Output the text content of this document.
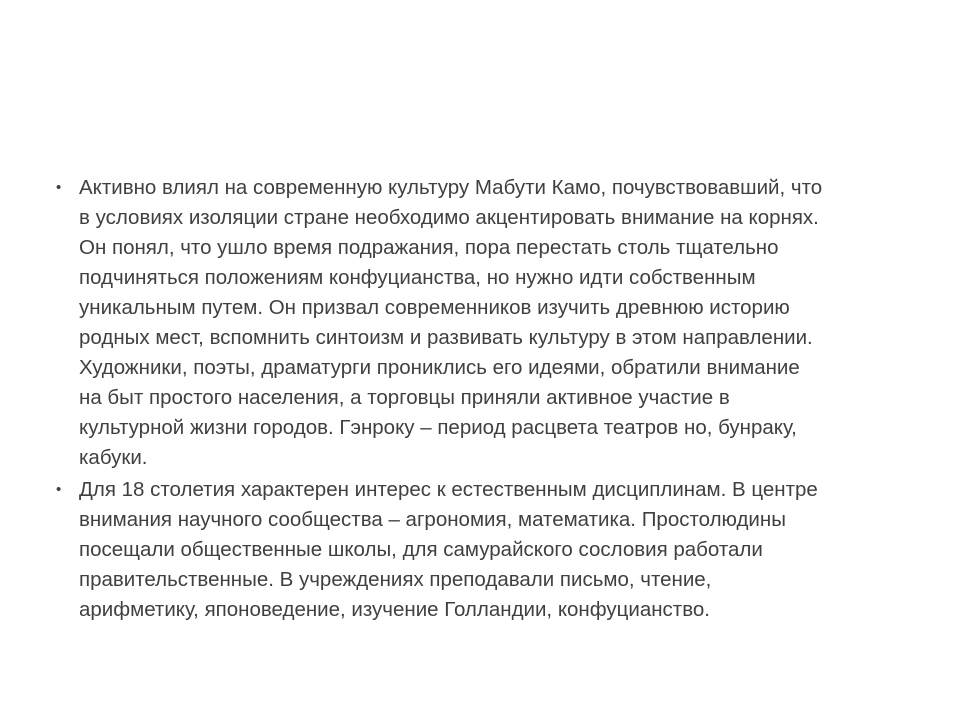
• Активно влиял на современную культуру Мабути Камо, почувствовавший, что
в условиях изоляции стране необходимо акцентировать внимание на корнях.
Он понял, что ушло время подражания, пора перестать столь тщательно
подчиняться положениям конфуцианства, но нужно идти собственным
уникальным путем. Он призвал современников изучить древнюю историю
родных мест, вспомнить синтоизм и развивать культуру в этом направлении.
Художники, поэты, драматурги прониклись его идеями, обратили внимание
на быт простого населения, а торговцы приняли активное участие в
культурной жизни городов. Гэнроку – период расцвета театров но, бунраку,
кабуки.
• Для 18 столетия характерен интерес к естественным дисциплинам. В центре
внимания научного сообщества – агрономия, математика. Простолюдины
посещали общественные школы, для самурайского сословия работали
правительственные. В учреждениях преподавали письмо, чтение,
арифметику, японоведение, изучение Голландии, конфуцианство.
